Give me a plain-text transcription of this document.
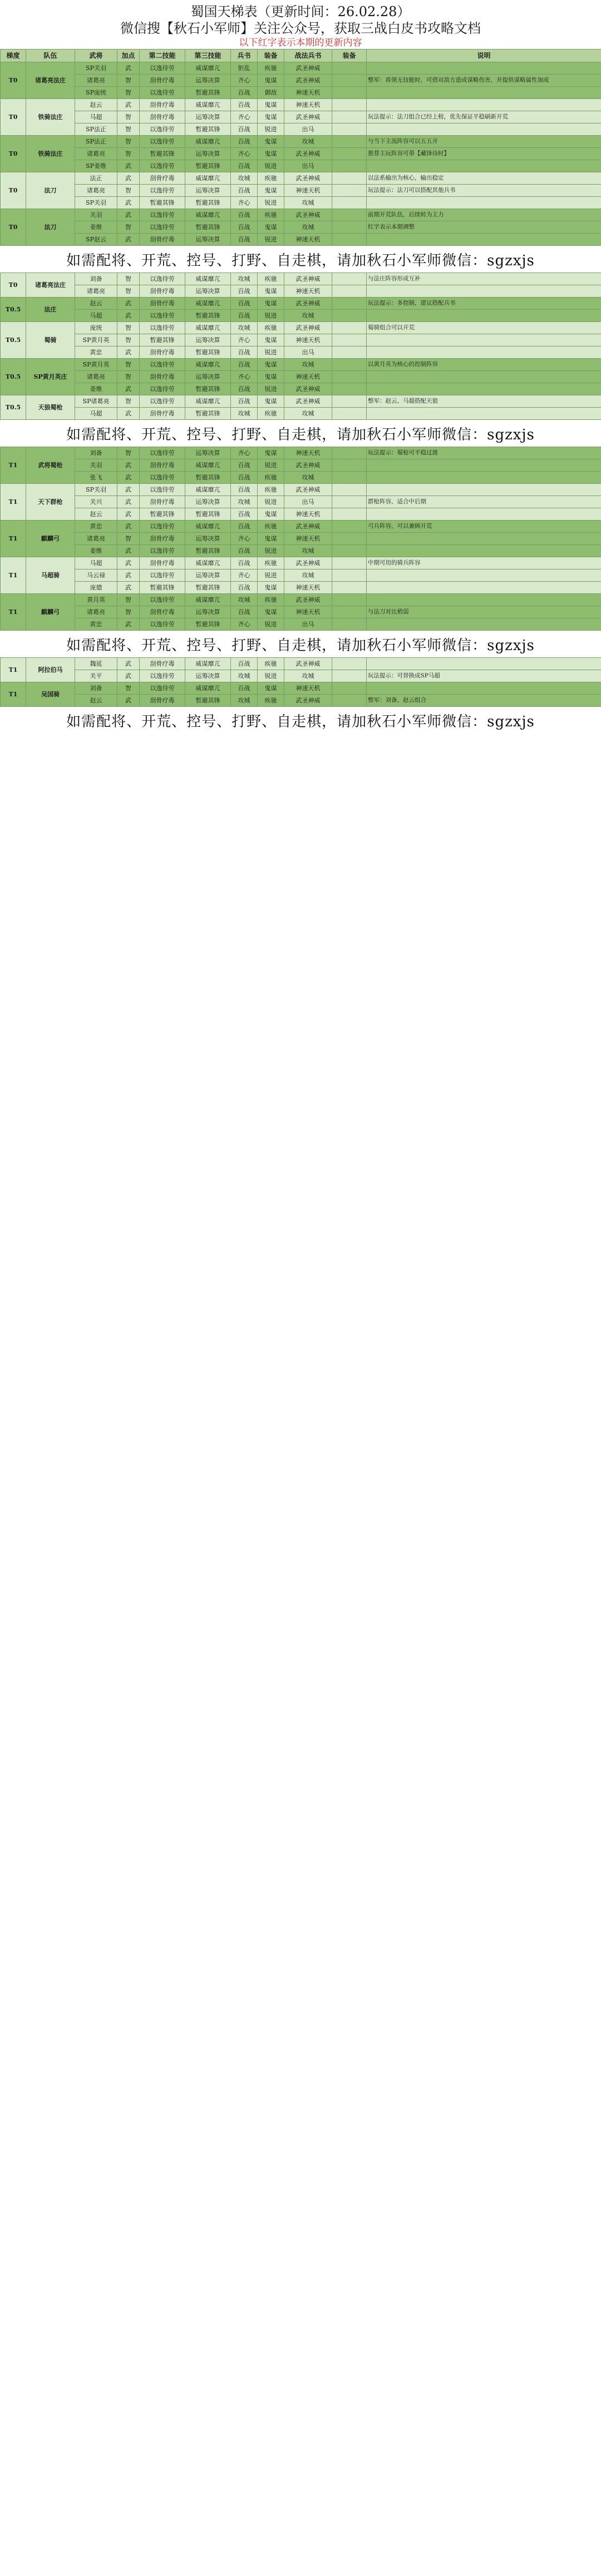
蜀国天梯表（更新时间：26.02.28）
微信搜【秋石小军师】关注公众号，获取三战白皮书攻略文档
以下红字表示本期的更新内容
梯度	队伍	武将	加点	第二技能	第三技能	兵书	装备	战法兵书	装备	说明
T0	诸葛亮法庄	SP关羽	武	以逸待劳	威谋靡亢	拒乱	疾驰	武圣神威		
		诸葛亮	智	刮骨疗毒	运筹决算	齐心	鬼谋	武圣神威		整军：将领无技能时，可借对敌方造成谋略伤害，并提供谋略属性加成
		SP庞统	智	以逸待劳	暂避其锋	百战	御敌	神速天机		
T0	铁骑法庄	赵云	武	刮骨疗毒	威谋靡亢	百战	鬼谋	神速天机		
		马超	智	刮骨疗毒	运筹决算	齐心	鬼谋	武圣神威		玩法提示：法刀组合已经上榜，优先保证平稳刷新开荒
		SP法正	智	以逸待劳	暂避其锋	百战	锐进	出马		
T0	铁骑法庄	SP法正	智	以逸待劳	威谋靡亢	百战	鬼谋	攻城		与当下主流阵容可以五五开
		诸葛亮	智	暂避其锋	运筹决算	齐心	鬼谋	武圣神威		推荐主玩阵容可带【藏锋待时】
		SP姜维	武	以逸待劳	暂避其锋	百战	锐进	出马		
T0	法刀	法正	武	刮骨疗毒	威谋靡亢	攻城	疾驰	武圣神威		以法系输出为核心，输出稳定
		诸葛亮	智	以逸待劳	运筹决算	百战	鬼谋	神速天机		玩法提示：法刀可以搭配其他兵书
		SP关羽	武	暂避其锋	暂避其锋	齐心	锐进	攻城		
T0	法刀	关羽	武	以逸待劳	威谋靡亢	百战	疾驰	武圣神威		前期开荒队伍，后续转为主力
		姜维	智	以逸待劳	暂避其锋	百战	鬼谋	攻城		红字表示本期调整
		SP赵云	武	刮骨疗毒	运筹决算	百战	锐进	神速天机		
如需配将、开荒、控号、打野、自走棋，请加秋石小军师微信：sgzxjs
T0	诸葛亮法庄	刘备	智	以逸待劳	威谋靡亢	攻城	疾驰	武圣神威		与法庄阵容形成互补
		诸葛亮	智	刮骨疗毒	运筹决算	百战	鬼谋	神速天机		
T0.5	法庄	赵云	武	刮骨疗毒	威谋靡亢	百战	鬼谋	武圣神威		玩法提示：多控制，建议搭配兵书
		马超	武	以逸待劳	暂避其锋	百战	锐进	攻城		
T0.5	蜀骑	庞统	智	以逸待劳	威谋靡亢	攻城	疾驰	武圣神威		蜀骑组合可以开荒
		SP黄月英	智	暂避其锋	运筹决算	齐心	鬼谋	神速天机		
		黄忠	武	刮骨疗毒	暂避其锋	百战	锐进	出马		
T0.5	SP黄月英庄	SP黄月英	智	以逸待劳	威谋靡亢	百战	鬼谋	攻城		以黄月英为核心的控制阵容
		诸葛亮	智	刮骨疗毒	运筹决算	齐心	鬼谋	神速天机		
		姜维	武	以逸待劳	暂避其锋	百战	锐进	武圣神威		
T0.5	天狼蜀枪	SP诸葛亮	智	以逸待劳	威谋靡亢	百战	鬼谋	武圣神威		整军：赵云、马超搭配天狼
		马超	武	刮骨疗毒	暂避其锋	攻城	疾驰	攻城		
如需配将、开荒、控号、打野、自走棋，请加秋石小军师微信：sgzxjs
T1	武将蜀枪	刘备	智	以逸待劳	运筹决算	齐心	鬼谋	神速天机		玩法提示：蜀枪可平稳过渡
		关羽	武	刮骨疗毒	威谋靡亢	百战	锐进	武圣神威		
		张飞	武	以逸待劳	暂避其锋	百战	疾驰	攻城		
T1	天下群枪	SP关羽	武	以逸待劳	威谋靡亢	百战	疾驰	武圣神威		
		关兴	武	刮骨疗毒	运筹决算	攻城	锐进	出马		群枪阵容，适合中后期
		赵云	武	暂避其锋	暂避其锋	百战	鬼谋	神速天机		
T1	麒麟弓	黄忠	武	以逸待劳	威谋靡亢	百战	疾驰	武圣神威		弓兵阵容，可以兼顾开荒
		诸葛亮	智	刮骨疗毒	运筹决算	齐心	鬼谋	神速天机		
		姜维	武	以逸待劳	暂避其锋	百战	锐进	攻城		
T1	马超骑	马超	武	刮骨疗毒	威谋靡亢	百战	疾驰	武圣神威		中期可用的骑兵阵容
		马云禄	武	以逸待劳	运筹决算	齐心	锐进	攻城		
		庞德	武	暂避其锋	暂避其锋	百战	鬼谋	神速天机		
T1	麒麟弓	黄月英	智	以逸待劳	威谋靡亢	攻城	疾驰	武圣神威		
		诸葛亮	智	刮骨疗毒	运筹决算	百战	鬼谋	神速天机		与法刀对比稍弱
		黄忠	武	以逸待劳	暂避其锋	齐心	锐进	出马		
如需配将、开荒、控号、打野、自走棋，请加秋石小军师微信：sgzxjs
T1	阿拉伯马	魏延	武	刮骨疗毒	威谋靡亢	百战	疾驰	武圣神威		
		关平	武	以逸待劳	运筹决算	攻城	锐进	攻城		玩法提示：可替换成SP马超
T1	吴国骑	刘备	智	以逸待劳	威谋靡亢	百战	鬼谋	神速天机		
		赵云	武	刮骨疗毒	暂避其锋	攻城	疾驰	武圣神威		整军：刘备、赵云组合
如需配将、开荒、控号、打野、自走棋，请加秋石小军师微信：sgzxjs
